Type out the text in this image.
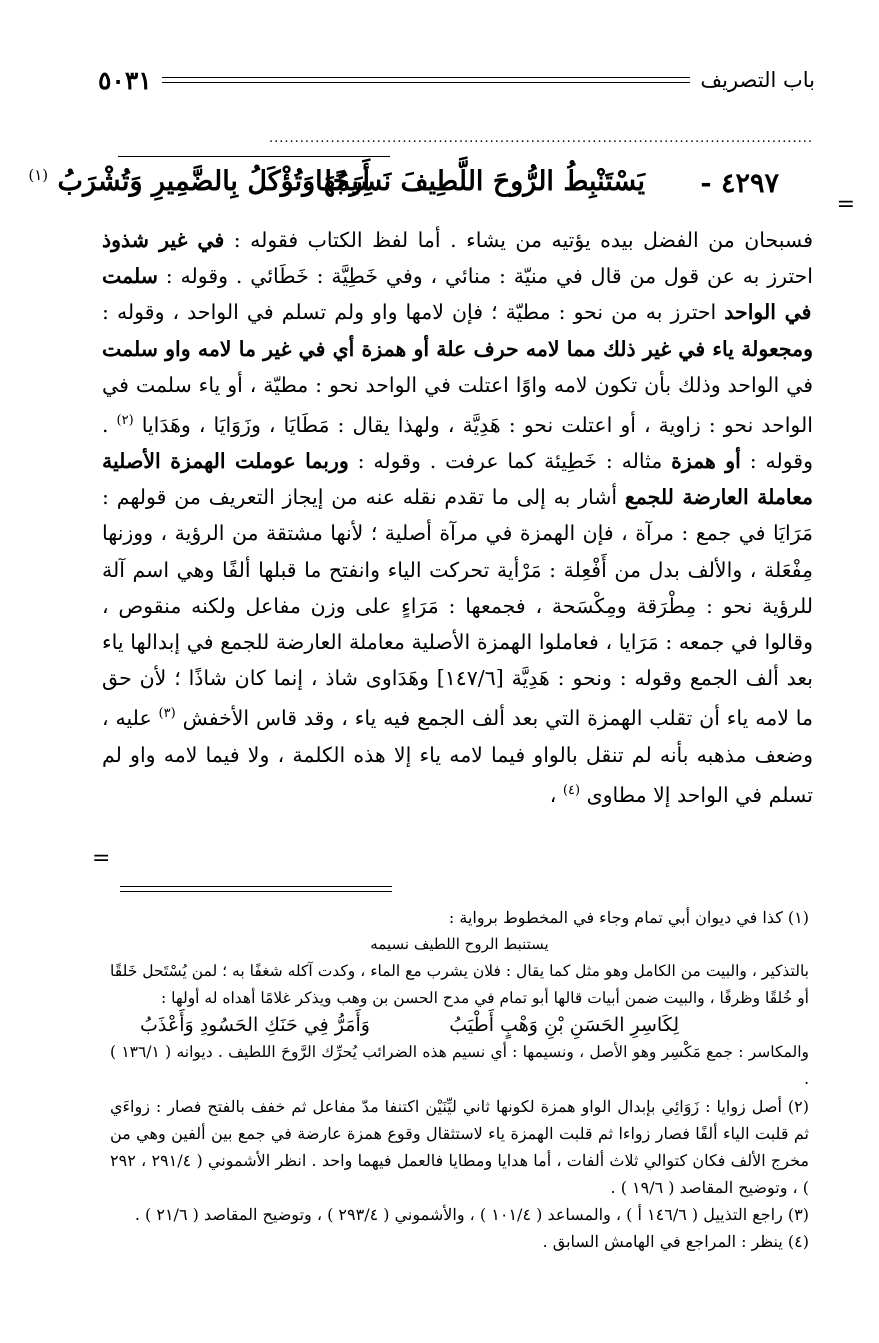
باب التصريف
٥٠٣١
..........................................................................................................
=
٤٢٩٧ -
يَسْتَنْبِطُ الرُّوحَ اللَّطِيفَ نَسِيمُهَا
أَرَجًا وَتُؤْكَلُ بِالضَّمِيرِ وَتُشْرَبُ $^{(١)}$

فسبحان من الفضل بيده يؤتيه من يشاء . أما لفظ الكتاب فقوله : في غير شذوذ احترز به عن قول من قال في منيّة : منائي ، وفي خَطِيَّة : خَطَائي . وقوله : سلمت في الواحد احترز به من نحو : مطيّة ؛ فإن لامها واو ولم تسلم في الواحد ، وقوله : ومجعولة ياء في غير ذلك مما لامه حرف علة أو همزة أي في غير ما لامه واو سلمت في الواحد وذلك بأن تكون لامه واوًا اعتلت في الواحد نحو : مطيّة ، أو ياء سلمت في الواحد نحو : زاوية ، أو اعتلت نحو : هَدِيَّة ، ولهذا يقال : مَطَايَا ، وزَوَايَا ، وهَدَايا $^{(٢)}$ . وقوله : أو همزة مثاله : خَطِيئة كما عرفت . وقوله : وربما عوملت الهمزة الأصلية معاملة العارضة للجمع أشار به إلى ما تقدم نقله عنه من إيجاز التعريف من قولهم : مَرَايَا في جمع : مرآة ، فإن الهمزة في مرآة أصلية ؛ لأنها مشتقة من الرؤية ، ووزنها مِفْعَلة ، والألف بدل من أَفْعِلة : مَرْأية تحركت الياء وانفتح ما قبلها ألفًا وهي اسم آلة للرؤية نحو : مِطْرَقة ومِكْسَحة ، فجمعها : مَرَاءٍ على وزن مفاعل ولكنه منقوص ، وقالوا في جمعه : مَرَايا ، فعاملوا الهمزة الأصلية معاملة العارضة للجمع في إبدالها ياء بعد ألف الجمع وقوله : ونحو : هَدِيَّة [١٤٧/٦] وهَدَاوى شاذ ، إنما كان شاذًا ؛ لأن حق ما لامه ياء أن تقلب الهمزة التي بعد ألف الجمع فيه ياء ، وقد قاس الأخفش $^{(٣)}$ عليه ، وضعف مذهبه بأنه لم تنقل بالواو فيما لامه ياء إلا هذه الكلمة ، ولا فيما لامه واو لم تسلم في الواحد إلا مطاوى $^{(٤)}$ ،

=

(١) كذا في ديوان أبي تمام وجاء في المخطوط برواية :

يستنبط الروح اللطيف نسيمه

بالتذكير ، والبيت من الكامل وهو مثل كما يقال : فلان يشرب مع الماء ، وكدت آكله شغفًا به ؛ لمن يُسْتَحل خَلقًا أو خُلقًا وظرفًا ، والبيت ضمن أبيات قالها أبو تمام في مدح الحسن بن وهب ويذكر غلامًا أهداه له أولها :

لِكَاسِرِ الحَسَنِ بْنِ وَهْبٍ أَطْيَبُ
وَأَمَرُّ فِي حَنَكِ الحَسُودِ وَأَعْذَبُ

والمكاسر : جمع مَكْسِر وهو الأصل ، ونسيمها : أي نسيم هذه الضرائب يُحرِّك الرَّوحَ اللطيف . ديوانه ( ١٣٦/١ ) .

(٢) أصل زوايا : زَوَائِي بإبدال الواو همزة لكونها ثاني ليِّنَيْن اكتنفا مدّ مفاعل ثم خفف بالفتح فصار : زواءَي ثم قلبت الياء ألفًا فصار زواءا ثم قلبت الهمزة ياء لاستثقال وقوع همزة عارضة في جمع بين ألفين وهي من مخرج الألف فكان كتوالي ثلاث ألفات ، أما هدايا ومطايا فالعمل فيهما واحد . انظر الأشموني ( ٢٩١/٤ ، ٢٩٢ ) ، وتوضيح المقاصد ( ١٩/٦ ) .

(٣) راجع التذييل ( ١٤٦/٦ أ ) ، والمساعد ( ١٠١/٤ ) ، والأشموني ( ٢٩٣/٤ ) ، وتوضيح المقاصد ( ٢١/٦ ) .

(٤) ينظر : المراجع في الهامش السابق .
